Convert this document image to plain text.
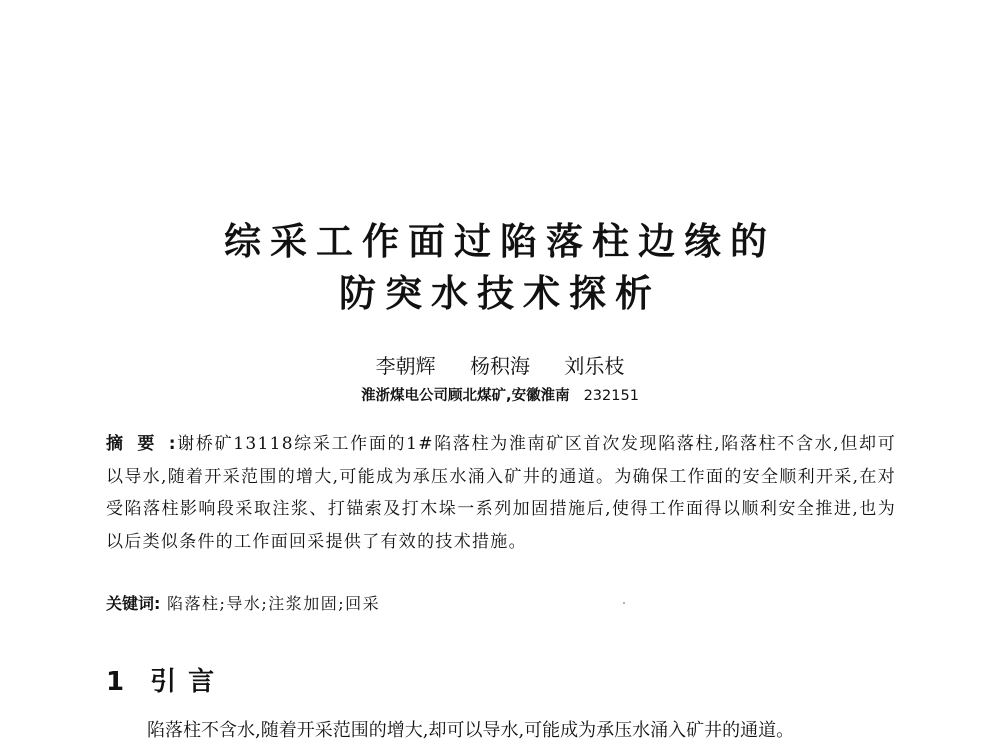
综采工作面过陷落柱边缘的
防突水技术探析
李朝辉 杨积海 刘乐枝
淮浙煤电公司顾北煤矿,安徽淮南 232151
摘要:谢桥矿13118综采工作面的1#陷落柱为淮南矿区首次发现陷落柱,陷落柱不含水,但却可以导水,随着开采范围的增大,可能成为承压水涌入矿井的通道。为确保工作面的安全顺利开采,在对受陷落柱影响段采取注浆、打锚索及打木垛一系列加固措施后,使得工作面得以顺利安全推进,也为以后类似条件的工作面回采提供了有效的技术措施。
关键词: 陷落柱;导水;注浆加固;回采
1 引言
陷落柱不含水,随着开采范围的增大,却可以导水,可能成为承压水涌入矿井的通道。
